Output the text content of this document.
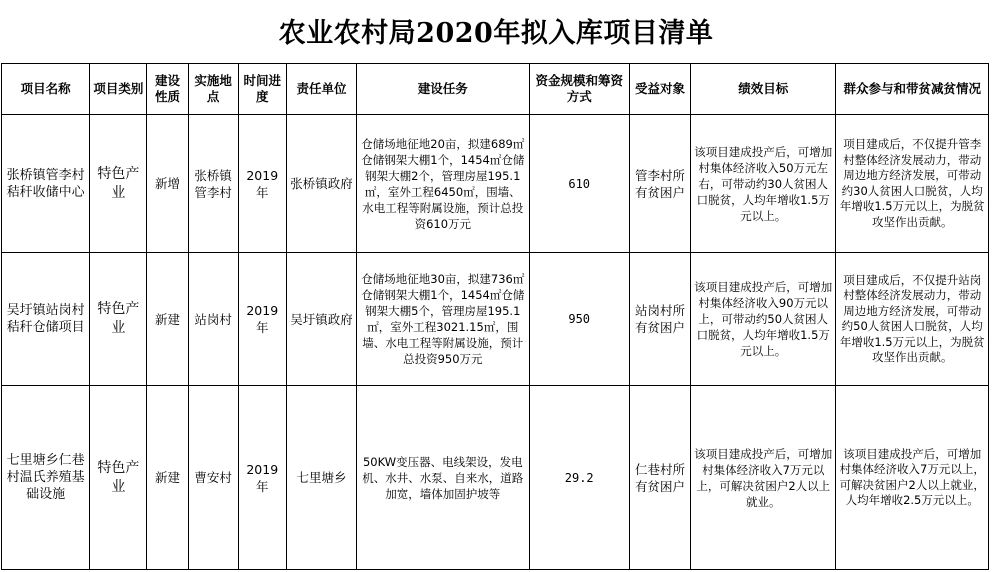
农业农村局2020年拟入库项目清单
项目名称	项目类别	建设性质	实施地点	时间进度	责任单位	建设任务	资金规模和筹资方式	受益对象	绩效目标	群众参与和带贫减贫情况
张桥镇管李村秸秆收储中心	特色产业	新增	张桥镇管李村	2019年	张桥镇政府	仓储场地征地20亩，拟建689㎡仓储钢架大棚1个，1454㎡仓储钢架大棚2个，管理房屋195.1㎡，室外工程6450㎡，围墙、水电工程等附属设施，预计总投资610万元	610	管李村所有贫困户	该项目建成投产后，可增加村集体经济收入50万元左右，可带动约30人贫困人口脱贫，人均年增收1.5万元以上。	项目建成后，不仅提升管李村整体经济发展动力，带动周边地方经济发展，可带动约30人贫困人口脱贫，人均年增收1.5万元以上，为脱贫攻坚作出贡献。
吴圩镇站岗村秸秆仓储项目	特色产业	新建	站岗村	2019年	吴圩镇政府	仓储场地征地30亩，拟建736㎡仓储钢架大棚1个，1454㎡仓储钢架大棚5个，管理房屋195.1㎡，室外工程3021.15㎡，围墙、水电工程等附属设施，预计总投资950万元	950	站岗村所有贫困户	该项目建成投产后，可增加村集体经济收入90万元以上，可带动约50人贫困人口脱贫，人均年增收1.5万元以上。	项目建成后，不仅提升站岗村整体经济发展动力，带动周边地方经济发展，可带动约50人贫困人口脱贫，人均年增收1.5万元以上，为脱贫攻坚作出贡献。
七里塘乡仁巷村温氏养殖基础设施	特色产业	新建	曹安村	2019年	七里塘乡	50KW变压器、电线架设，发电机、水井、水泵、自来水，道路加宽，墙体加固护坡等	29.2	仁巷村所有贫困户	该项目建成投产后，可增加村集体经济收入7万元以上，可解决贫困户2人以上就业。	该项目建成投产后，可增加村集体经济收入7万元以上，可解决贫困户2人以上就业，人均年增收2.5万元以上。
